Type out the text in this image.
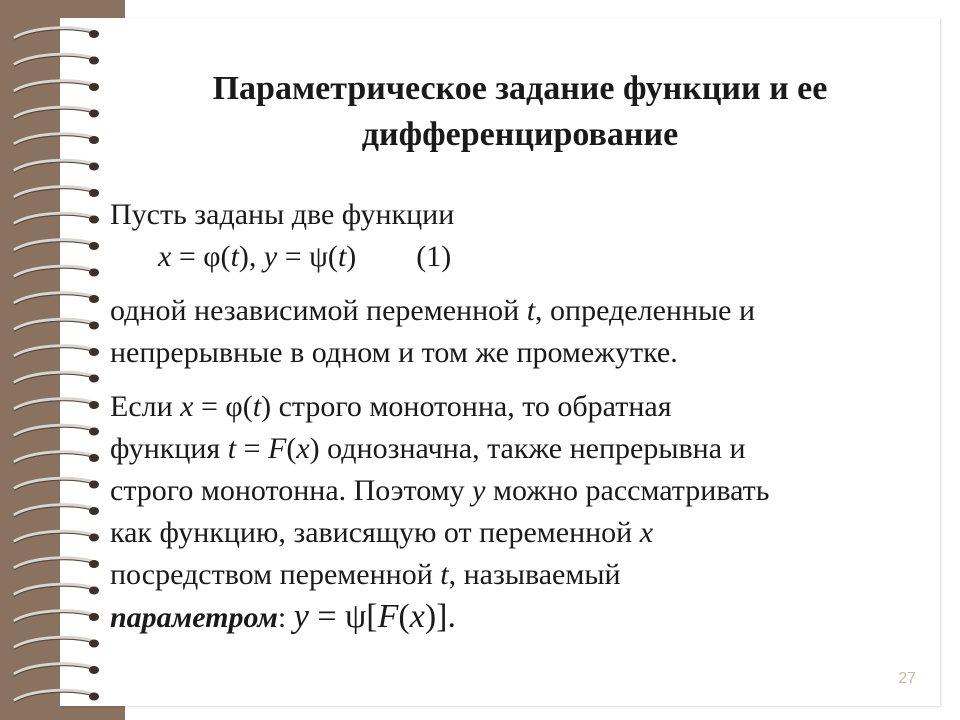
Параметрическое задание функции и ее
дифференцирование
Пусть заданы две функции
x = φ(t), y = ψ(t) (1)
одной независимой переменной t, определенные и
непрерывные в одном и том же промежутке.
Если x = φ(t) строго монотонна, то обратная
функция t = F(x) однозначна, также непрерывна и
строго монотонна. Поэтому y можно рассматривать
как функцию, зависящую от переменной x
посредством переменной t, называемый
параметром: y = ψ[F(x)].
27
